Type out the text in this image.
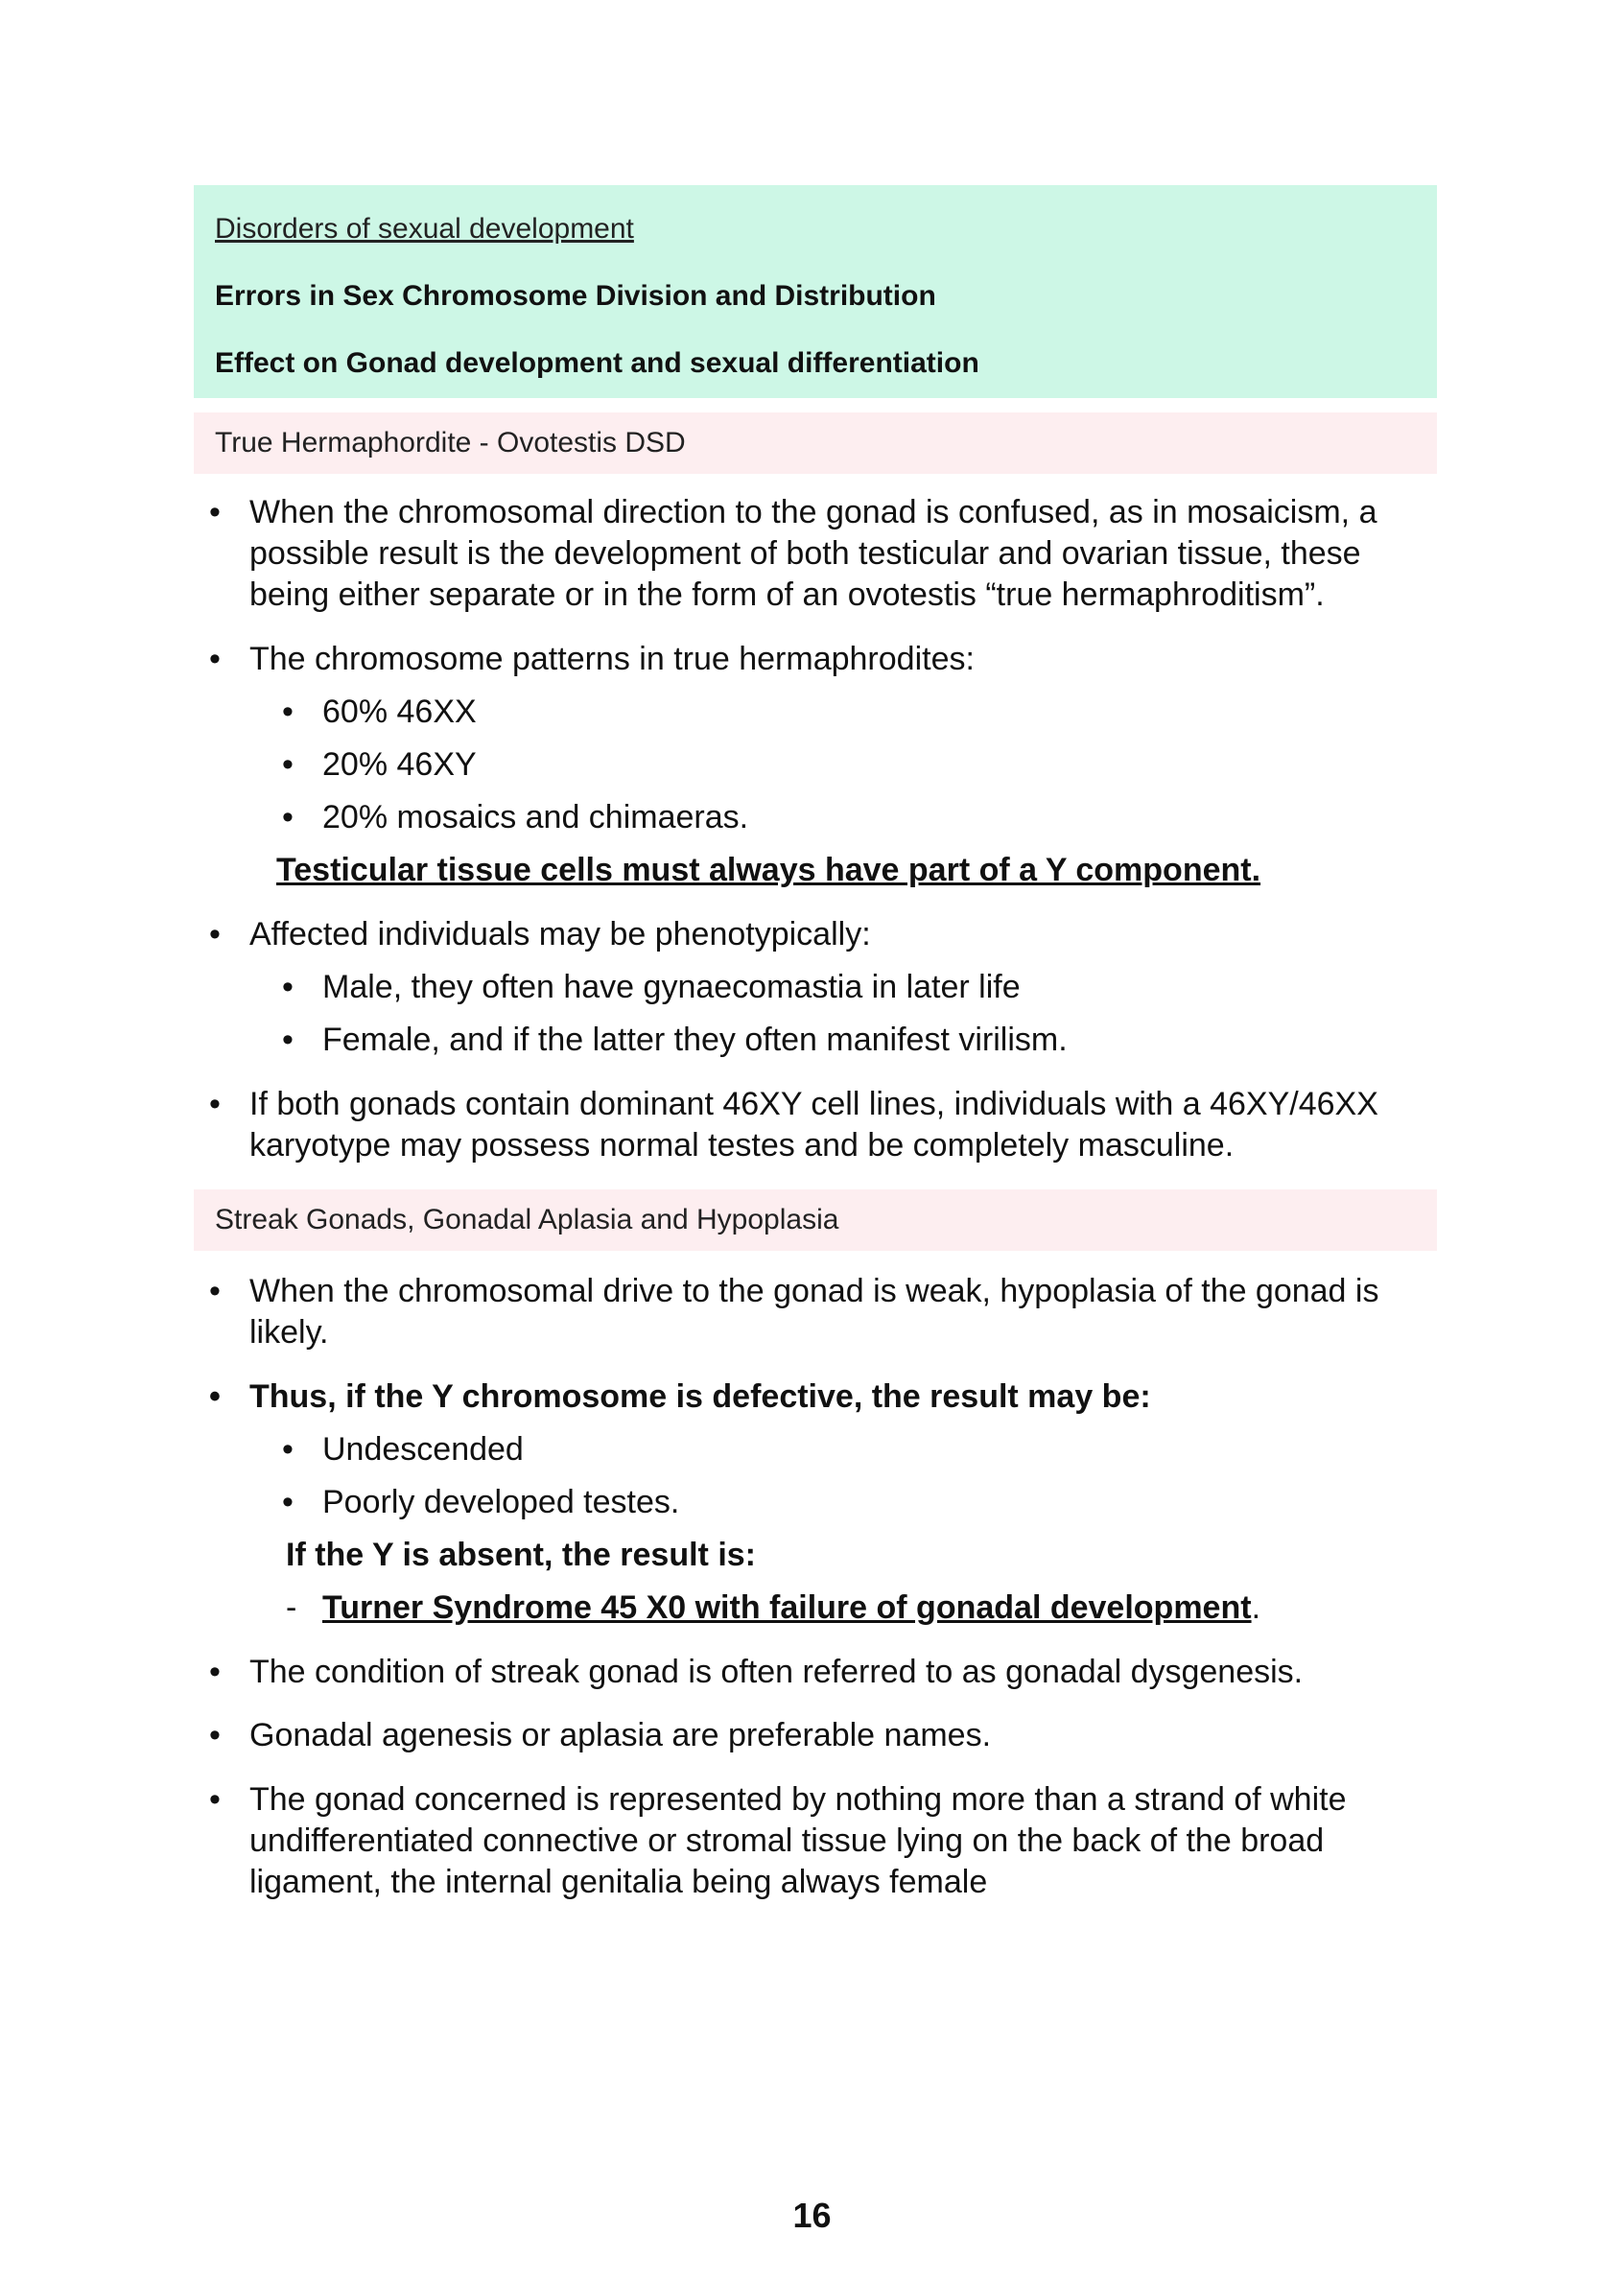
Disorders of sexual development
Errors in Sex Chromosome Division and Distribution
Effect on Gonad development and sexual differentiation
True Hermaphordite - Ovotestis DSD
• When the chromosomal direction to the gonad is confused, as in mosaicism, a
possible result is the development of both testicular and ovarian tissue, these
being either separate or in the form of an ovotestis “true hermaphroditism”.
• The chromosome patterns in true hermaphrodites:
• 60% 46XX
• 20% 46XY
• 20% mosaics and chimaeras.
Testicular tissue cells must always have part of a Y component.
• Affected individuals may be phenotypically:
• Male, they often have gynaecomastia in later life
• Female, and if the latter they often manifest virilism.
• If both gonads contain dominant 46XY cell lines, individuals with a 46XY/46XX
karyotype may possess normal testes and be completely masculine.
Streak Gonads, Gonadal Aplasia and Hypoplasia
• When the chromosomal drive to the gonad is weak, hypoplasia of the gonad is
likely.
• Thus, if the Y chromosome is defective, the result may be:
• Undescended
• Poorly developed testes.
If the Y is absent, the result is:
- Turner Syndrome 45 X0 with failure of gonadal development.
• The condition of streak gonad is often referred to as gonadal dysgenesis.
• Gonadal agenesis or aplasia are preferable names.
• The gonad concerned is represented by nothing more than a strand of white
undifferentiated connective or stromal tissue lying on the back of the broad
ligament, the internal genitalia being always female
16
